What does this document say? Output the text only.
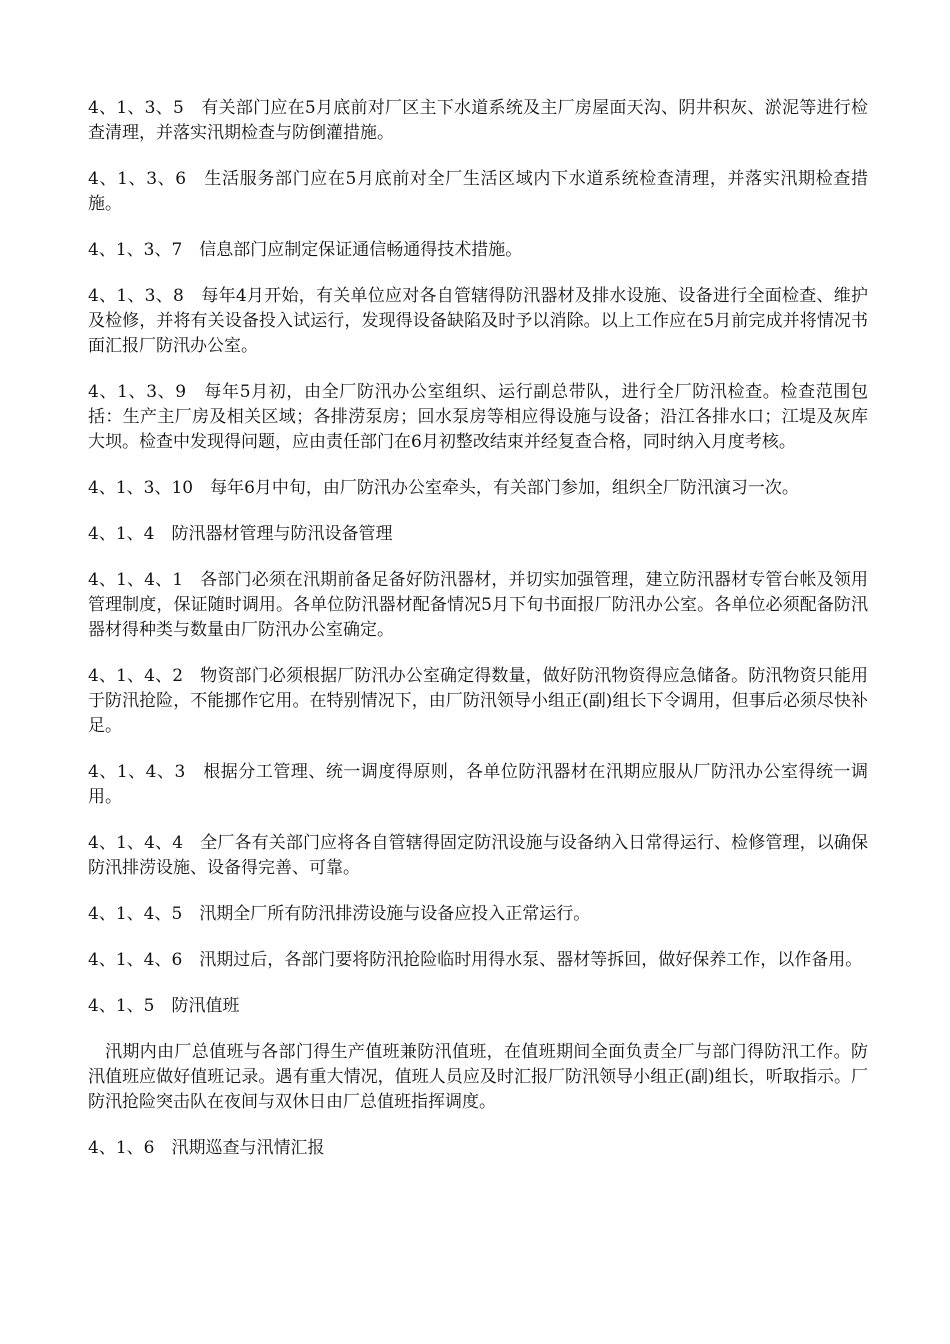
4、1、3、5　有关部门应在5月底前对厂区主下水道系统及主厂房屋面天沟、阴井积灰、淤泥等进行检查清理，并落实汛期检查与防倒灌措施。

4、1、3、6　生活服务部门应在5月底前对全厂生活区域内下水道系统检查清理，并落实汛期检查措施。

4、1、3、7　信息部门应制定保证通信畅通得技术措施。

4、1、3、8　每年4月开始，有关单位应对各自管辖得防汛器材及排水设施、设备进行全面检查、维护及检修，并将有关设备投入试运行，发现得设备缺陷及时予以消除。以上工作应在5月前完成并将情况书面汇报厂防汛办公室。

4、1、3、9　每年5月初，由全厂防汛办公室组织、运行副总带队，进行全厂防汛检查。检查范围包括：生产主厂房及相关区域；各排涝泵房；回水泵房等相应得设施与设备；沿江各排水口；江堤及灰库大坝。检查中发现得问题，应由责任部门在6月初整改结束并经复查合格，同时纳入月度考核。

4、1、3、10　每年6月中旬，由厂防汛办公室牵头，有关部门参加，组织全厂防汛演习一次。

4、1、4　防汛器材管理与防汛设备管理

4、1、4、1　各部门必须在汛期前备足备好防汛器材，并切实加强管理，建立防汛器材专管台帐及领用管理制度，保证随时调用。各单位防汛器材配备情况5月下旬书面报厂防汛办公室。各单位必须配备防汛器材得种类与数量由厂防汛办公室确定。

4、1、4、2　物资部门必须根据厂防汛办公室确定得数量，做好防汛物资得应急储备。防汛物资只能用于防汛抢险，不能挪作它用。在特别情况下，由厂防汛领导小组正(副)组长下令调用，但事后必须尽快补足。

4、1、4、3　根据分工管理、统一调度得原则，各单位防汛器材在汛期应服从厂防汛办公室得统一调用。

4、1、4、4　全厂各有关部门应将各自管辖得固定防汛设施与设备纳入日常得运行、检修管理，以确保防汛排涝设施、设备得完善、可靠。

4、1、4、5　汛期全厂所有防汛排涝设施与设备应投入正常运行。

4、1、4、6　汛期过后，各部门要将防汛抢险临时用得水泵、器材等拆回，做好保养工作，以作备用。

4、1、5　防汛值班

汛期内由厂总值班与各部门得生产值班兼防汛值班，在值班期间全面负责全厂与部门得防汛工作。防汛值班应做好值班记录。遇有重大情况，值班人员应及时汇报厂防汛领导小组正(副)组长，听取指示。厂防汛抢险突击队在夜间与双休日由厂总值班指挥调度。

4、1、6　汛期巡查与汛情汇报
